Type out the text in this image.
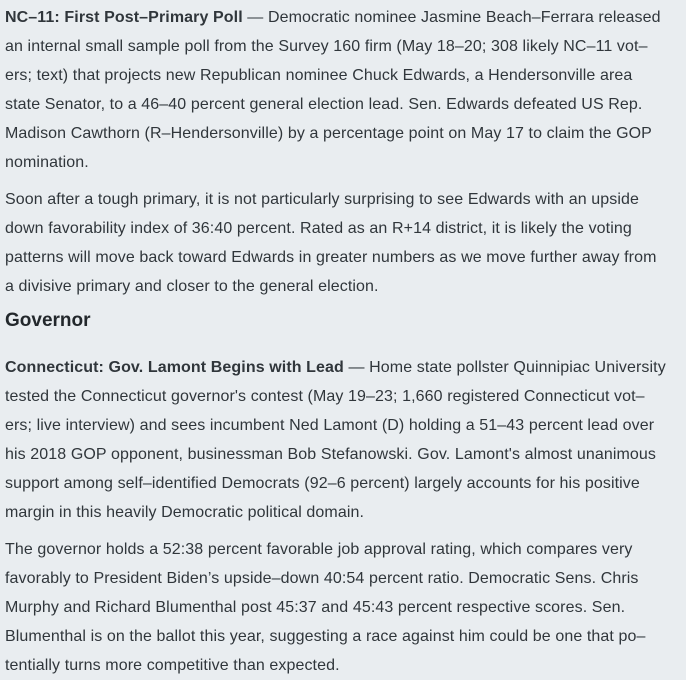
NC–11: First Post–Primary Poll — Democratic nominee Jasmine Beach–Ferrara released
an internal small sample poll from the Survey 160 firm (May 18–20; 308 likely NC–11 vot–
ers; text) that projects new Republican nominee Chuck Edwards, a Hendersonville area
state Senator, to a 46–40 percent general election lead. Sen. Edwards defeated US Rep.
Madison Cawthorn (R–Hendersonville) by a percentage point on May 17 to claim the GOP
nomination.

Soon after a tough primary, it is not particularly surprising to see Edwards with an upside
down favorability index of 36:40 percent. Rated as an R+14 district, it is likely the voting
patterns will move back toward Edwards in greater numbers as we move further away from
a divisive primary and closer to the general election.

Governor

Connecticut: Gov. Lamont Begins with Lead — Home state pollster Quinnipiac University
tested the Connecticut governor's contest (May 19–23; 1,660 registered Connecticut vot–
ers; live interview) and sees incumbent Ned Lamont (D) holding a 51–43 percent lead over
his 2018 GOP opponent, businessman Bob Stefanowski. Gov. Lamont's almost unanimous
support among self–identified Democrats (92–6 percent) largely accounts for his positive
margin in this heavily Democratic political domain.

The governor holds a 52:38 percent favorable job approval rating, which compares very
favorably to President Biden’s upside–down 40:54 percent ratio. Democratic Sens. Chris
Murphy and Richard Blumenthal post 45:37 and 45:43 percent respective scores. Sen.
Blumenthal is on the ballot this year, suggesting a race against him could be one that po–
tentially turns more competitive than expected.
